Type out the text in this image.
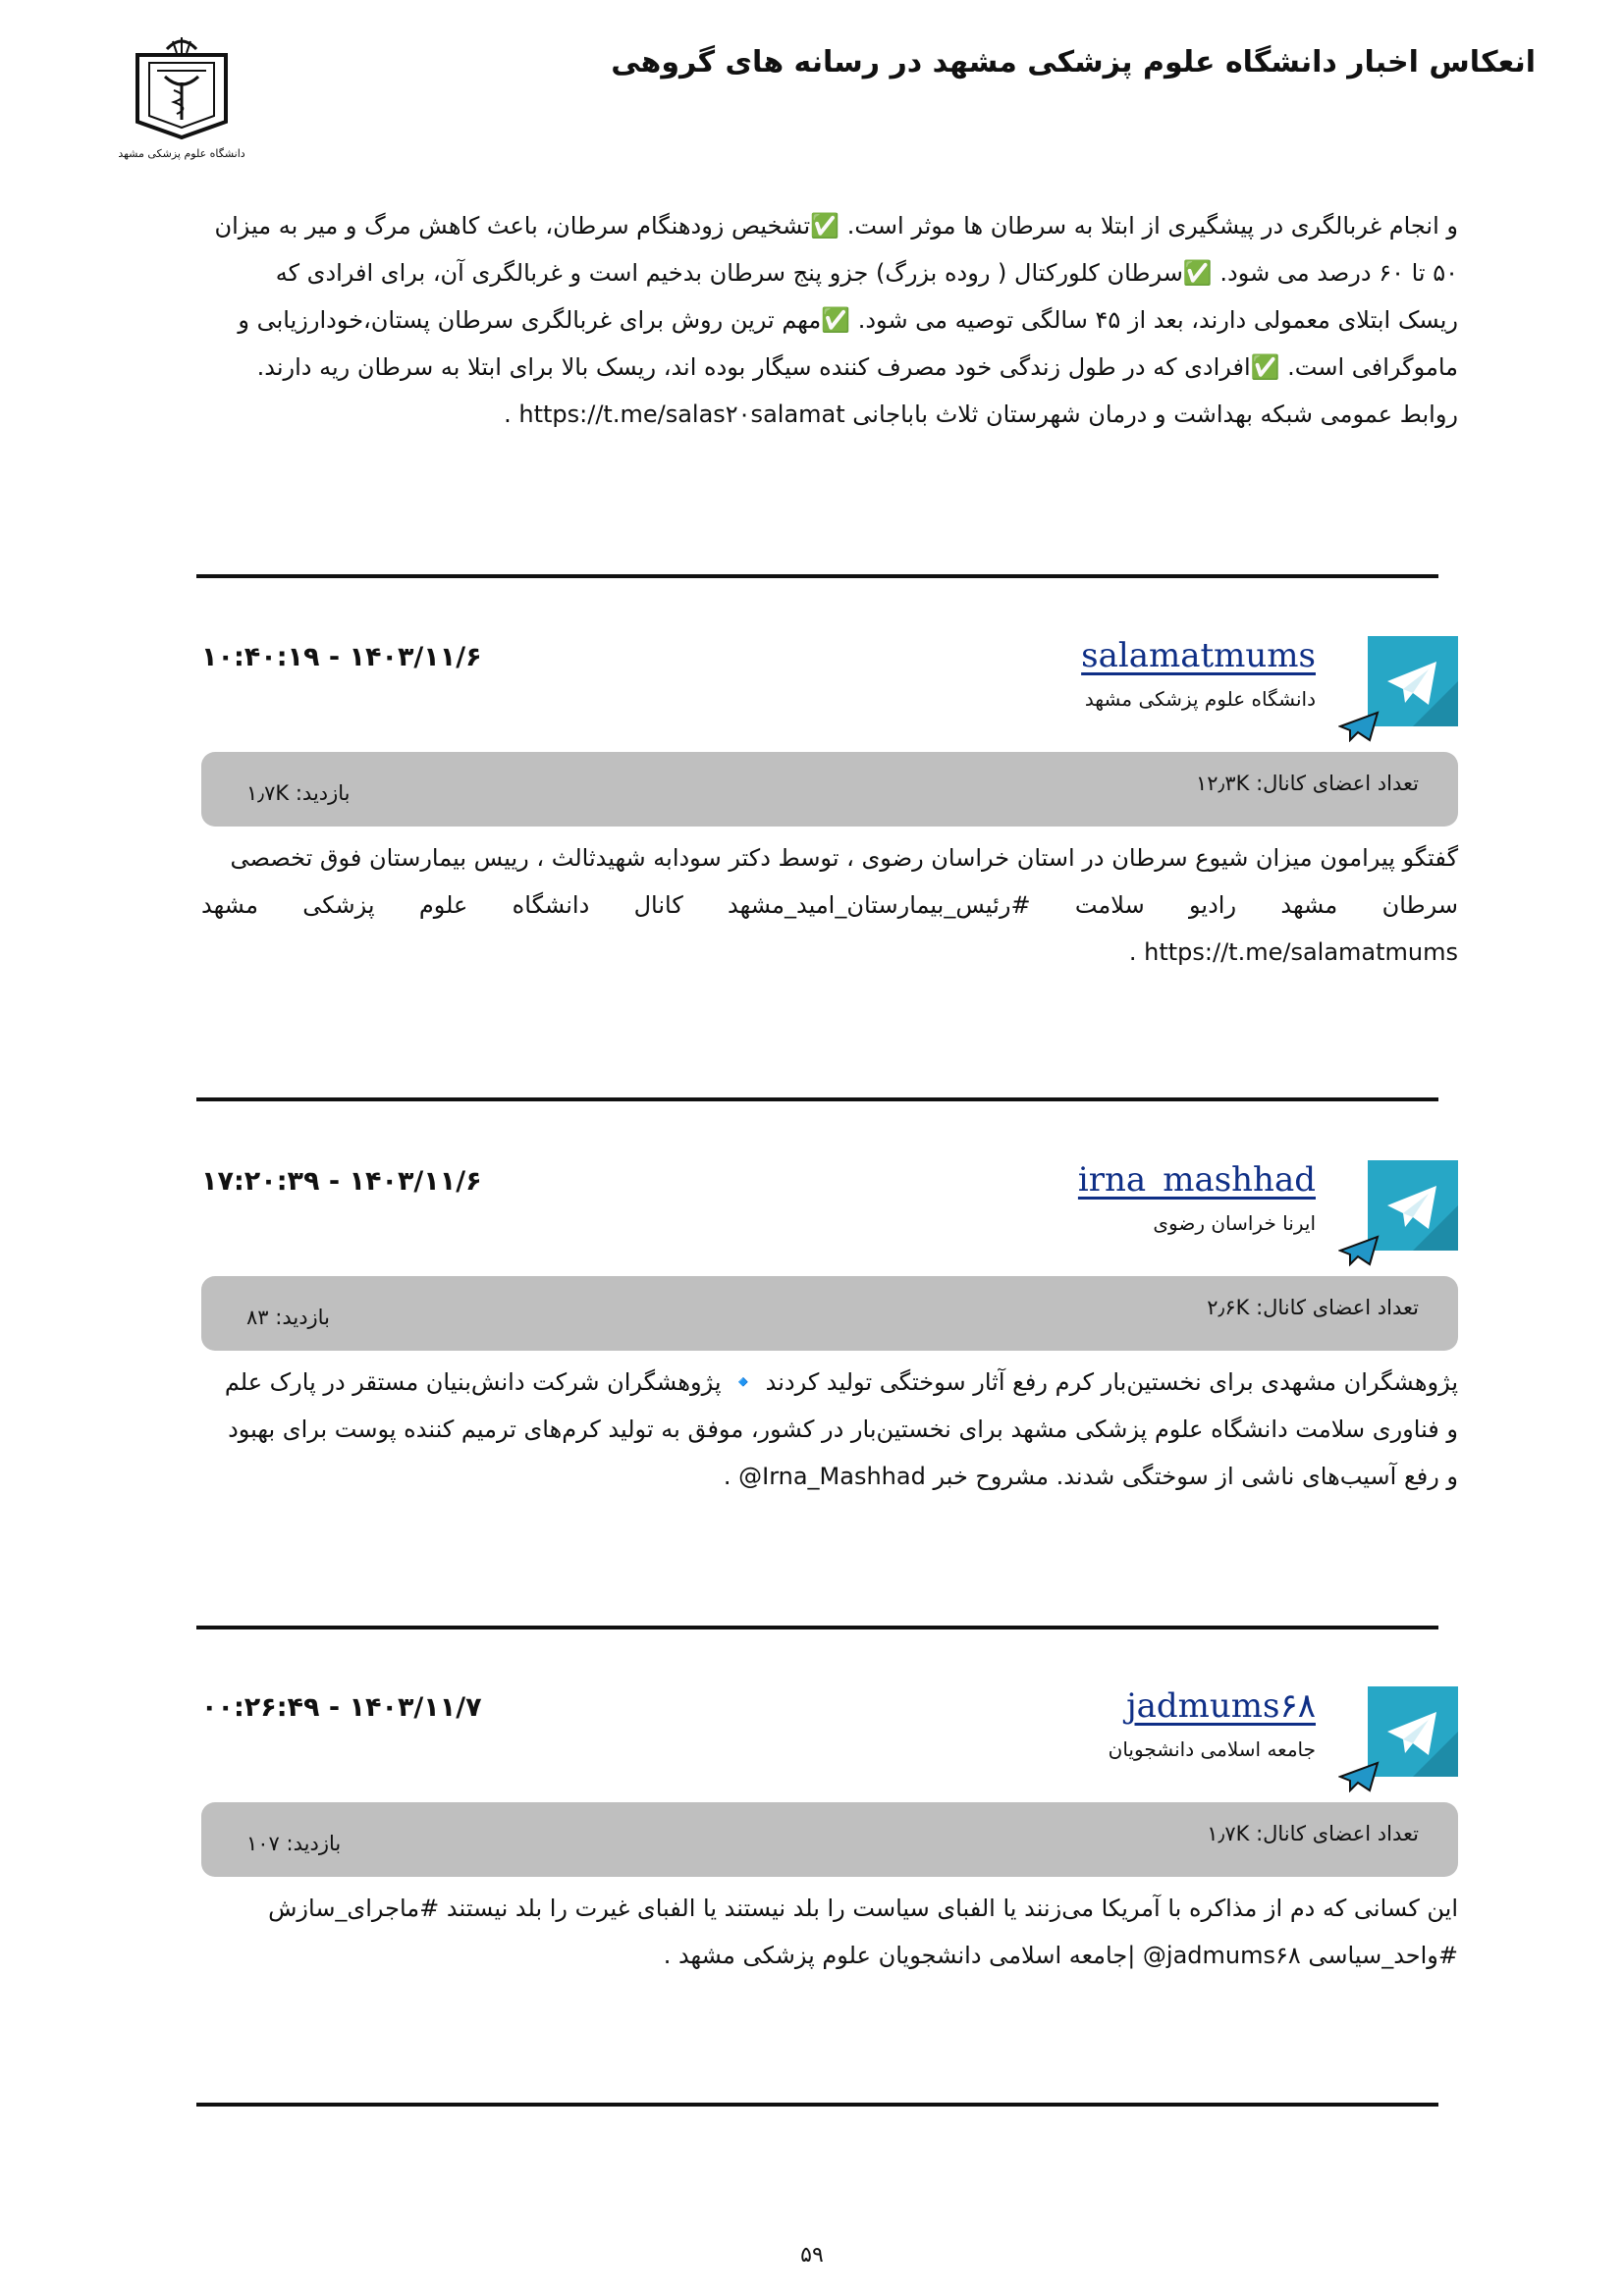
انعکاس اخبار دانشگاه علوم پزشکی مشهد در رسانه های گروهی
دانشگاه علوم پزشکی مشهد

و انجام غربالگری در پیشگیری از ابتلا به سرطان ها موثر است. ✅تشخیص زودهنگام سرطان، باعث کاهش مرگ و میر به میزان

۵۰ تا ۶۰ درصد می شود. ✅سرطان کلورکتال ( روده بزرگ) جزو پنج سرطان بدخیم است و غربالگری آن، برای افرادی که

ریسک ابتلای معمولی دارند، بعد از ۴۵ سالگی توصیه می شود. ✅مهم ترین روش برای غربالگری سرطان پستان،خودارزیابی و

ماموگرافی است. ✅افرادی که در طول زندگی خود مصرف کننده سیگار بوده اند، ریسک بالا برای ابتلا به سرطان ریه دارند.

روابط عمومی شبکه بهداشت و درمان شهرستان ثلاث باباجانی https://t.me/salas۲۰salamat .

salamatmums
دانشگاه علوم پزشکی مشهد
۱۴۰۳/۱۱/۶ - ۱۰:۴۰:۱۹
تعداد اعضای کانال: ۱۲٫۳K
بازدید: ۱٫۷K

گفتگو پیرامون میزان شیوع سرطان در استان خراسان رضوی ، توسط دکتر سودابه شهیدثالث ، رییس بیمارستان فوق تخصصی

سرطان مشهد رادیو سلامت #رئیس_بیمارستان_امید_مشهد کانال دانشگاه علوم پزشکی مشهد

https://t.me/salamatmums .

irna_mashhad
ایرنا خراسان رضوی
۱۴۰۳/۱۱/۶ - ۱۷:۲۰:۳۹
تعداد اعضای کانال: ۲٫۶K
بازدید: ۸۳

پژوهشگران مشهدی برای نخستین‌بار کرم رفع آثار سوختگی تولید کردند 🔹 پژوهشگران شرکت دانش‌بنیان مستقر در پارک علم

و فناوری سلامت دانشگاه علوم پزشکی مشهد برای نخستین‌بار در کشور، موفق به تولید کرم‌های ترمیم کننده پوست برای بهبود

و رفع آسیب‌های ناشی از سوختگی شدند. مشروح خبر Irna_Mashhad@ .

jadmums۶۸
جامعه اسلامی دانشجویان
۱۴۰۳/۱۱/۷ - ۰۰:۲۶:۴۹
تعداد اعضای کانال: ۱٫۷K
بازدید: ۱۰۷

این کسانی که دم از مذاکره با آمریکا می‌زنند یا الفبای سیاست را بلد نیستند یا الفبای غیرت را بلد نیستند #ماجرای_سازش

#واحد_سیاسی jadmums۶۸@ |جامعه اسلامی دانشجویان علوم پزشکی مشهد .

۵۹
